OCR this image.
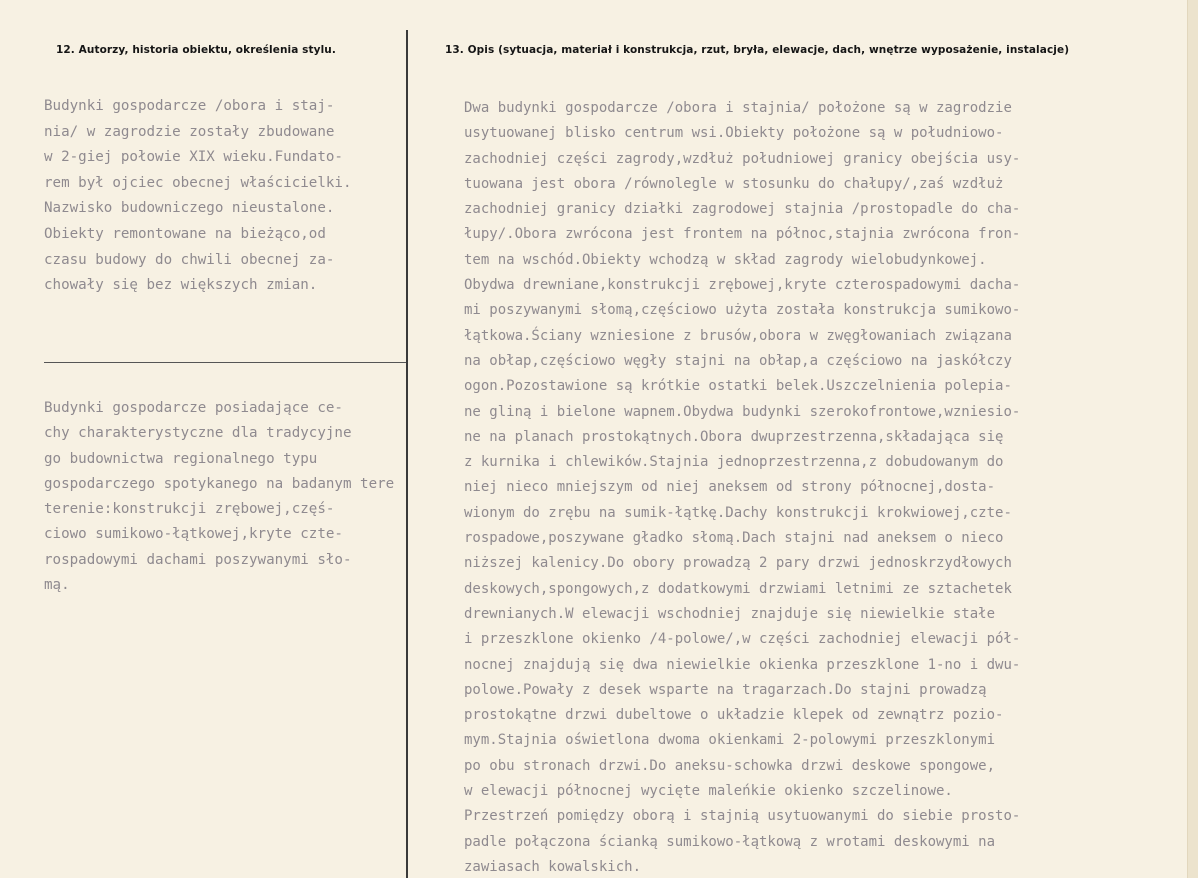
12. Autorzy, historia obiektu, określenia stylu.	13. Opis (sytuacja, materiał i konstrukcja, rzut, bryła, elewacje, dach, wnętrze wyposażenie, instalacje)
Budynki gospodarcze /obora i staj-
nia/ w zagrodzie zostały zbudowane
w 2-giej połowie XIX wieku.Fundato-
rem był ojciec obecnej właścicielki.
Nazwisko budowniczego nieustalone.
Obiekty remontowane na bieżąco,od
czasu budowy do chwili obecnej za-
chowały się bez większych zmian.
Budynki gospodarcze posiadające ce-
chy charakterystyczne dla tradycyjne
go budownictwa regionalnego typu
gospodarczego spotykanego na badanym tere
terenie:konstrukcji zrębowej,częś-
ciowo sumikowo-łątkowej,kryte czte-
rospadowymi dachami poszywanymi sło-
mą.
Dwa budynki gospodarcze /obora i stajnia/ położone są w zagrodzie
usytuowanej blisko centrum wsi.Obiekty położone są w południowo-
zachodniej części zagrody,wzdłuż południowej granicy obejścia usy-
tuowana jest obora /równolegle w stosunku do chałupy/,zaś wzdłuż
zachodniej granicy działki zagrodowej stajnia /prostopadle do cha-
łupy/.Obora zwrócona jest frontem na północ,stajnia zwrócona fron-
tem na wschód.Obiekty wchodzą w skład zagrody wielobudynkowej.
Obydwa drewniane,konstrukcji zrębowej,kryte czterospadowymi dacha-
mi poszywanymi słomą,częściowo użyta została konstrukcja sumikowo-
łątkowa.Ściany wzniesione z brusów,obora w zwęgłowaniach związana
na obłap,częściowo węgły stajni na obłap,a częściowo na jaskółczy
ogon.Pozostawione są krótkie ostatki belek.Uszczelnienia polepia-
ne gliną i bielone wapnem.Obydwa budynki szerokofrontowe,wzniesio-
ne na planach prostokątnych.Obora dwuprzestrzenna,składająca się
z kurnika i chlewików.Stajnia jednoprzestrzenna,z dobudowanym do
niej nieco mniejszym od niej aneksem od strony północnej,dosta-
wionym do zrębu na sumik-łątkę.Dachy konstrukcji krokwiowej,czte-
rospadowe,poszywane gładko słomą.Dach stajni nad aneksem o nieco
niższej kalenicy.Do obory prowadzą 2 pary drzwi jednoskrzydłowych
deskowych,spongowych,z dodatkowymi drzwiami letnimi ze sztachetek
drewnianych.W elewacji wschodniej znajduje się niewielkie stałe
i przeszklone okienko /4-polowe/,w części zachodniej elewacji pół-
nocnej znajdują się dwa niewielkie okienka przeszklone 1-no i dwu-
polowe.Powały z desek wsparte na tragarzach.Do stajni prowadzą
prostokątne drzwi dubeltowe o układzie klepek od zewnątrz pozio-
mym.Stajnia oświetlona dwoma okienkami 2-polowymi przeszklonymi
po obu stronach drzwi.Do aneksu-schowka drzwi deskowe spongowe,
w elewacji północnej wycięte maleńkie okienko szczelinowe.
Przestrzeń pomiędzy oborą i stajnią usytuowanymi do siebie prosto-
padle połączona ścianką sumikowo-łątkową z wrotami deskowymi na
zawiasach kowalskich.
